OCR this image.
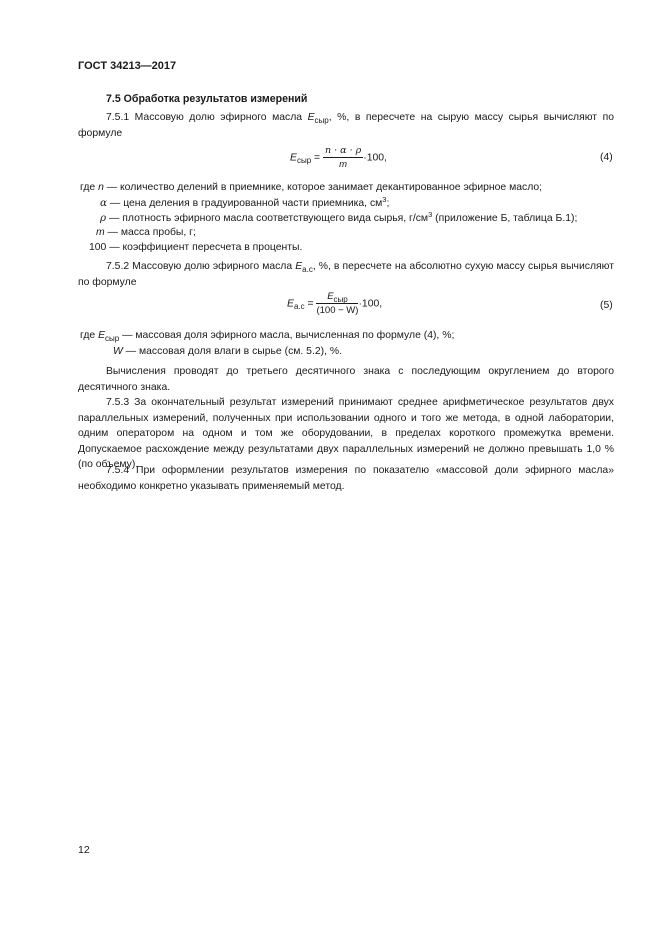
ГОСТ 34213—2017
7.5 Обработка результатов измерений
7.5.1 Массовую долю эфирного масла $E_{сыр}$, %, в пересчете на сырую массу сырья вычисляют по формуле
$E_{сыр} = \frac{n \cdot \alpha \cdot \rho}{m} \cdot 100$,	(4)
где n — количество делений в приемнике, которое занимает декантированное эфирное масло;
α — цена деления в градуированной части приемника, $см^3$;
ρ — плотность эфирного масла соответствующего вида сырья, $г/см^3$ (приложение Б, таблица Б.1);
m — масса пробы, г;
100 — коэффициент пересчета в проценты.
7.5.2 Массовую долю эфирного масла $E_{а.с}$, %, в пересчете на абсолютно сухую массу сырья вычисляют по формуле
$E_{а.с} = \frac{E_{сыр}}{(100 - W)} \cdot 100$,	(5)
где $E_{сыр}$ — массовая доля эфирного масла, вычисленная по формуле (4), %;
W — массовая доля влаги в сырье (см. 5.2), %.
Вычисления проводят до третьего десятичного знака с последующим округлением до второго десятичного знака.
7.5.3 За окончательный результат измерений принимают среднее арифметическое результатов двух параллельных измерений, полученных при использовании одного и того же метода, в одной лаборатории, одним оператором на одном и том же оборудовании, в пределах короткого промежутка времени. Допускаемое расхождение между результатами двух параллельных измерений не должно превышать 1,0 % (по объему).
7.5.4 При оформлении результатов измерения по показателю «массовой доли эфирного масла» необходимо конкретно указывать применяемый метод.
12
